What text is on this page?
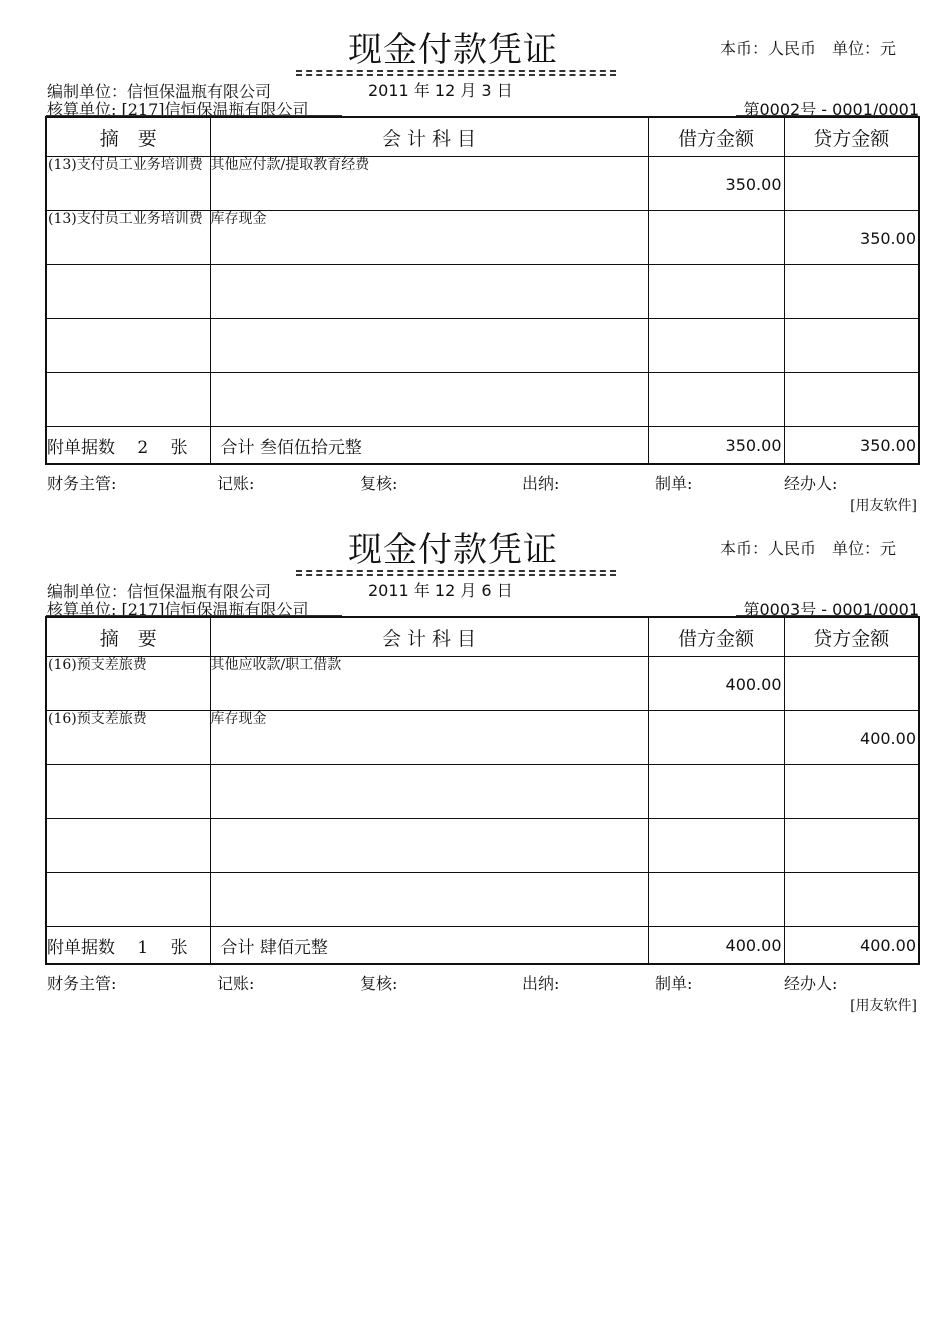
现金付款凭证	本币：人民币　单位：元
编制单位：信恒保温瓶有限公司
核算单位: [217]信恒保温瓶有限公司
2011 年 12 月 3 日
第0002号 - 0001/0001
摘　要	会 计 科 目	借方金额	贷方金额
(13)支付员工业务培训费	其他应付款/提取教育经费	350.00	
(13)支付员工业务培训费	库存现金		350.00

附单据数　 2 　张	合计 叁佰伍拾元整	350.00	350.00
财务主管:	记账:	复核:	出纳:	制单:	经办人:
[用友软件]
现金付款凭证	本币：人民币　单位：元
编制单位：信恒保温瓶有限公司
核算单位: [217]信恒保温瓶有限公司
2011 年 12 月 6 日
第0003号 - 0001/0001
摘　要	会 计 科 目	借方金额	贷方金额
(16)预支差旅费	其他应收款/职工借款	400.00	
(16)预支差旅费	库存现金		400.00

附单据数　 1 　张	合计 肆佰元整	400.00	400.00
财务主管:	记账:	复核:	出纳:	制单:	经办人:
[用友软件]
